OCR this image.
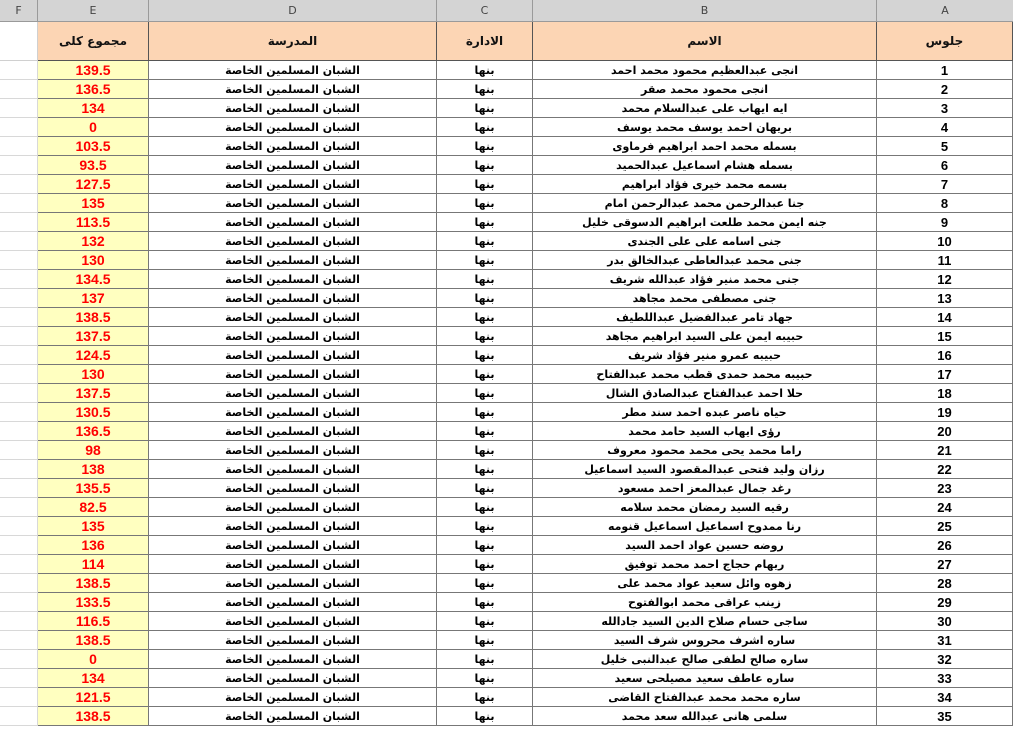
F	E	D	C	B	A
مجموع كلى	المدرسة	الادارة	الاسم	جلوس
139.5	الشبان المسلمين الخاصة	بنها	انجى عبدالعظيم محمود محمد احمد	1
136.5	الشبان المسلمين الخاصة	بنها	انجى محمود محمد صقر	2
134	الشبان المسلمين الخاصة	بنها	ايه ايهاب على عبدالسلام محمد	3
0	الشبان المسلمين الخاصة	بنها	بريهان احمد يوسف محمد يوسف	4
103.5	الشبان المسلمين الخاصة	بنها	بسمله محمد احمد ابراهيم فرماوى	5
93.5	الشبان المسلمين الخاصة	بنها	بسمله هشام اسماعيل عبدالحميد	6
127.5	الشبان المسلمين الخاصة	بنها	بسمه محمد خيرى فؤاد ابراهيم	7
135	الشبان المسلمين الخاصة	بنها	جنا عبدالرحمن محمد عبدالرحمن امام	8
113.5	الشبان المسلمين الخاصة	بنها	جنه ايمن محمد طلعت ابراهيم الدسوقى خليل	9
132	الشبان المسلمين الخاصة	بنها	جنى اسامه على على الجندى	10
130	الشبان المسلمين الخاصة	بنها	جنى محمد عبدالعاطى عبدالخالق بدر	11
134.5	الشبان المسلمين الخاصة	بنها	جنى محمد منير فؤاد عبدالله شريف	12
137	الشبان المسلمين الخاصة	بنها	جنى مصطفى محمد مجاهد	13
138.5	الشبان المسلمين الخاصة	بنها	جهاد تامر عبدالفضيل عبداللطيف	14
137.5	الشبان المسلمين الخاصة	بنها	حبيبه ايمن على السيد ابراهيم مجاهد	15
124.5	الشبان المسلمين الخاصة	بنها	حبيبه عمرو منير فؤاد شريف	16
130	الشبان المسلمين الخاصة	بنها	حبيبه محمد حمدى قطب محمد عبدالفتاح	17
137.5	الشبان المسلمين الخاصة	بنها	حلا احمد عبدالفتاح عبدالصادق الشال	18
130.5	الشبان المسلمين الخاصة	بنها	حياه ناصر عبده احمد سند مطر	19
136.5	الشبان المسلمين الخاصة	بنها	رؤى ايهاب السيد حامد محمد	20
98	الشبان المسلمين الخاصة	بنها	راما محمد يحى محمد محمود معروف	21
138	الشبان المسلمين الخاصة	بنها	رزان وليد فتحى عبدالمقصود السيد اسماعيل	22
135.5	الشبان المسلمين الخاصة	بنها	رغد جمال عبدالمعز احمد مسعود	23
82.5	الشبان المسلمين الخاصة	بنها	رقيه السيد رمضان محمد سلامه	24
135	الشبان المسلمين الخاصة	بنها	رنا ممدوح اسماعيل اسماعيل قنومه	25
136	الشبان المسلمين الخاصة	بنها	روضه حسين عواد احمد السيد	26
114	الشبان المسلمين الخاصة	بنها	ريهام حجاج احمد محمد توفيق	27
138.5	الشبان المسلمين الخاصة	بنها	زهوه وائل سعيد عواد محمد على	28
133.5	الشبان المسلمين الخاصة	بنها	زينب عراقى محمد ابوالفتوح	29
116.5	الشبان المسلمين الخاصة	بنها	ساجى حسام صلاح الدين السيد جادالله	30
138.5	الشبان المسلمين الخاصة	بنها	ساره اشرف محروس شرف السيد	31
0	الشبان المسلمين الخاصة	بنها	ساره صالح لطفى صالح عبدالنبى خليل	32
134	الشبان المسلمين الخاصة	بنها	ساره عاطف سعيد مصيلحى سعيد	33
121.5	الشبان المسلمين الخاصة	بنها	ساره محمد محمد عبدالفتاح القاضى	34
138.5	الشبان المسلمين الخاصة	بنها	سلمى هانى عبدالله سعد محمد	35
